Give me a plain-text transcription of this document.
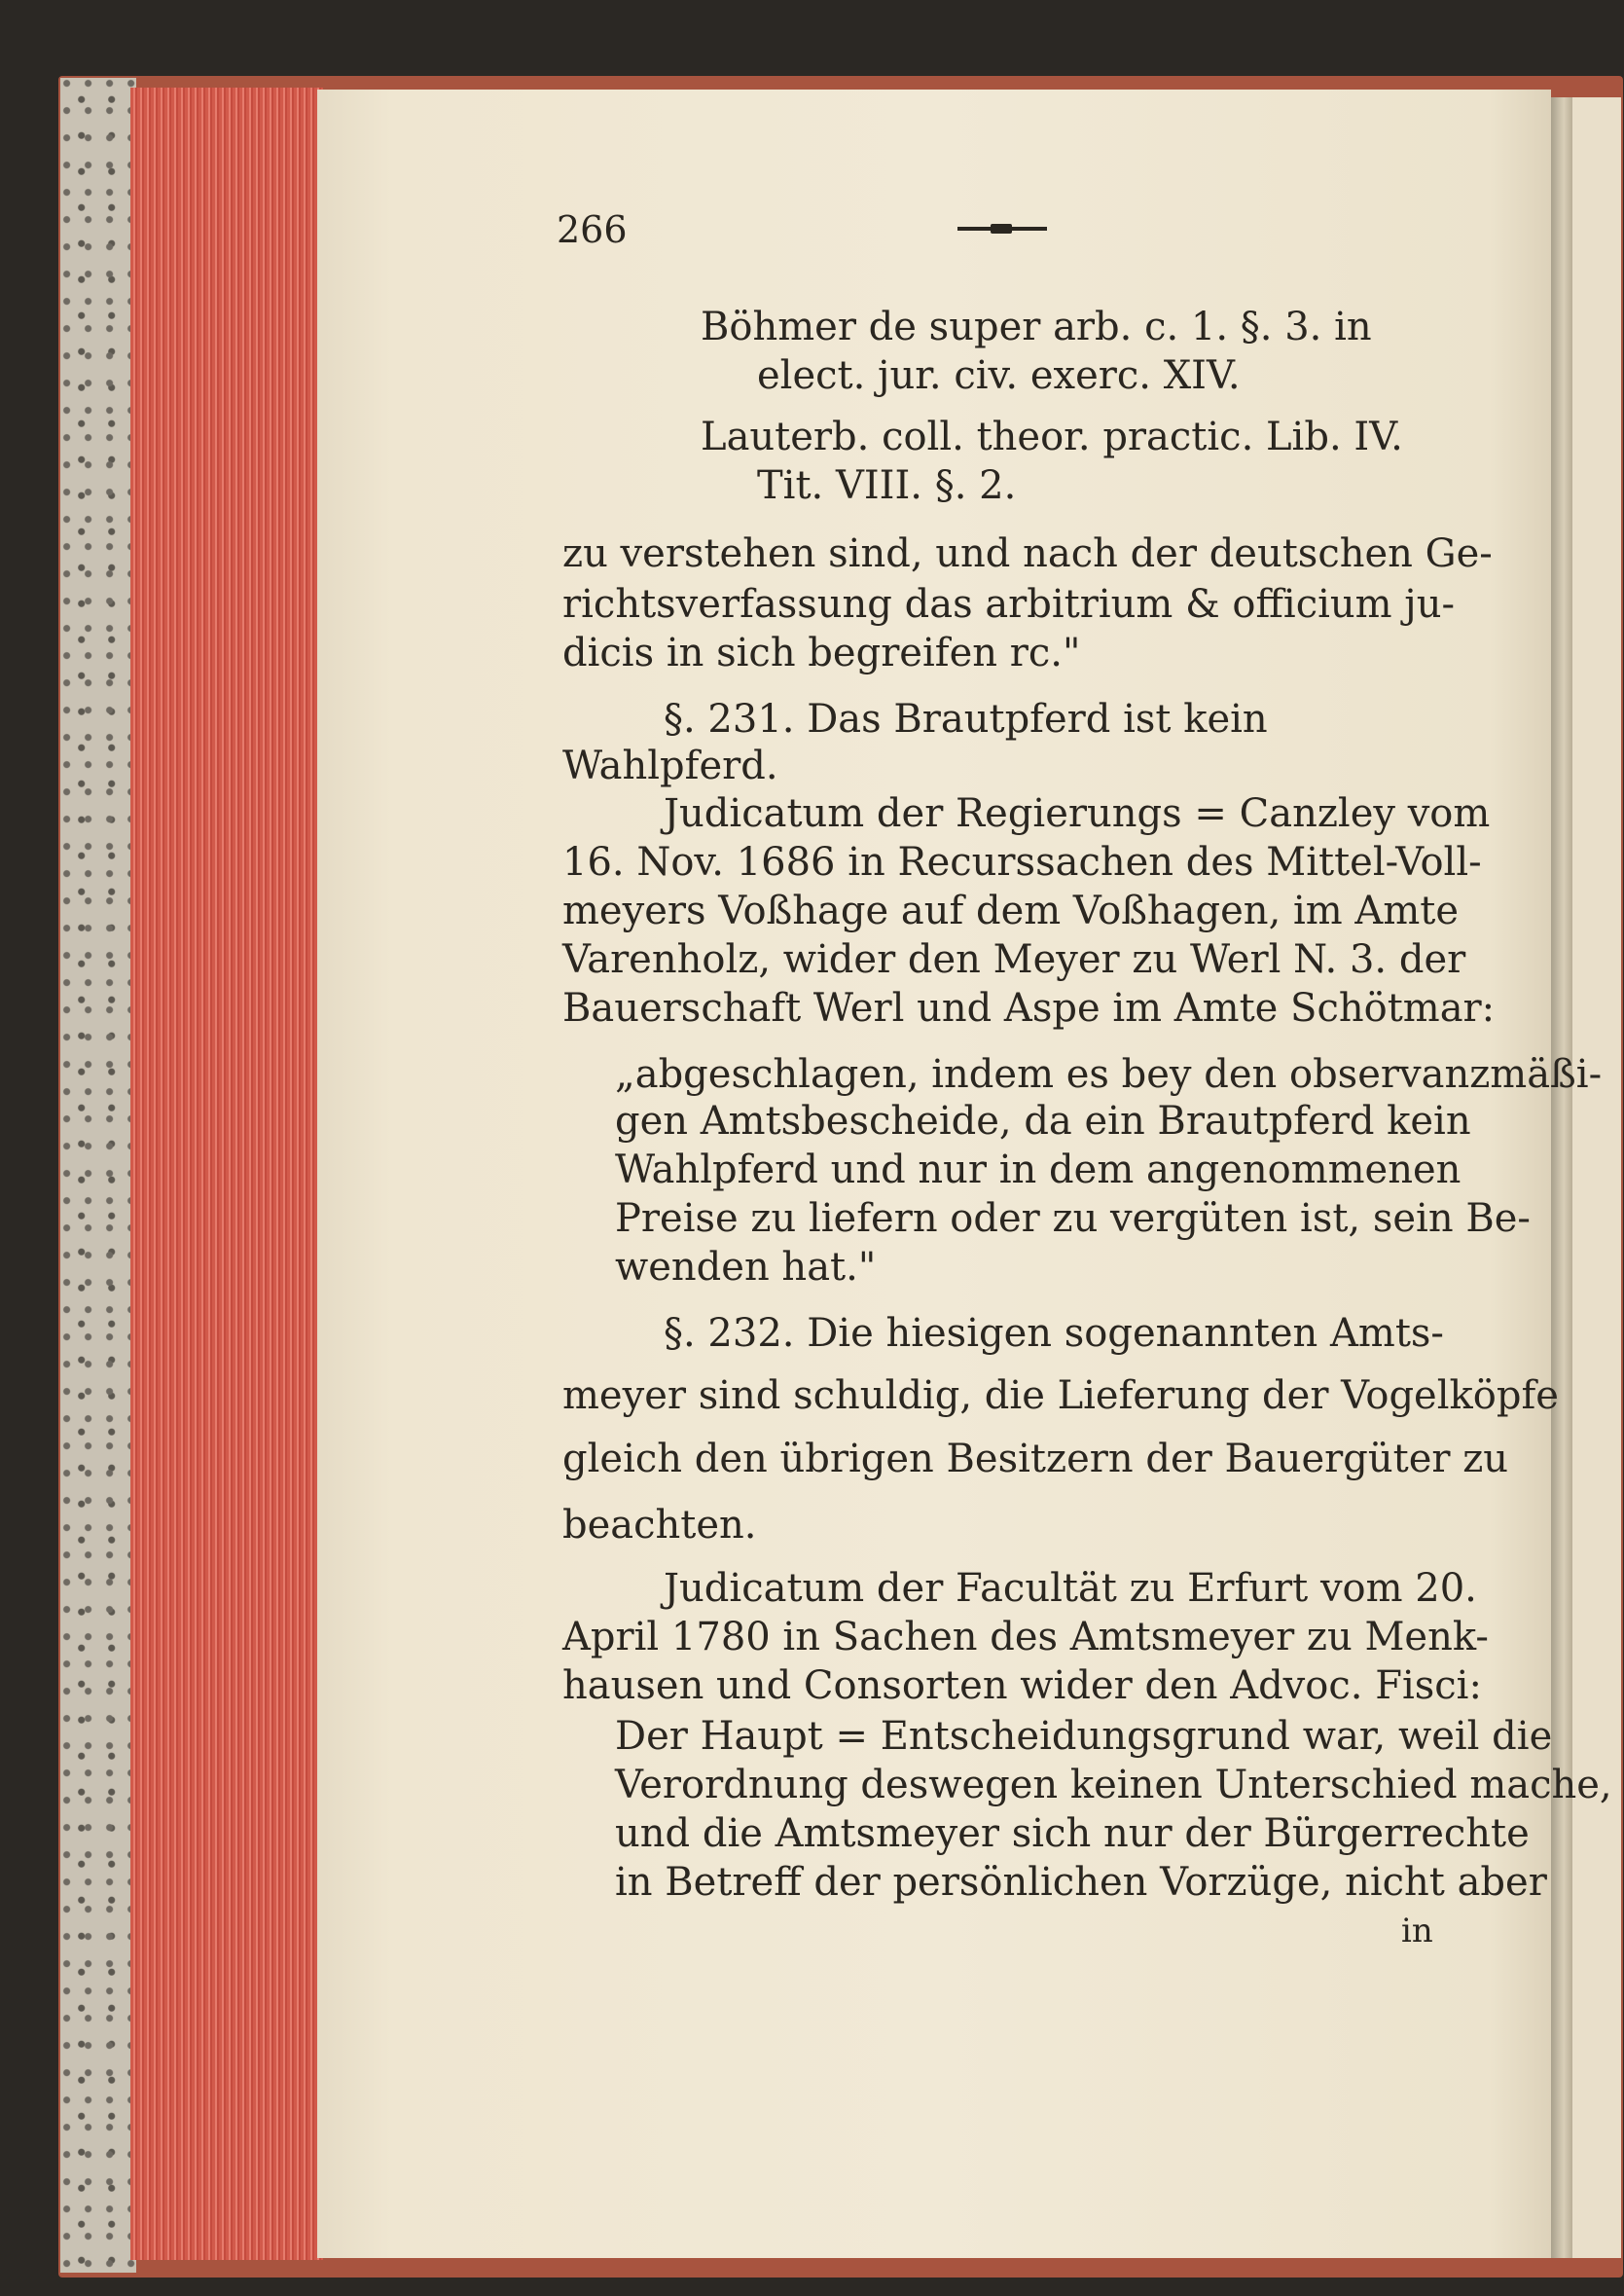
266

Böhmer de super arb. c. 1. §. 3. in

elect. jur. civ. exerc. XIV.

Lauterb. coll. theor. practic. Lib. IV.

Tit. VIII. §. 2.

zu verstehen sind, und nach der deutschen Ge-

richtsverfassung das arbitrium & officium ju-

dicis in sich begreifen rc."

§. 231. Das Brautpferd ist kein

Wahlpferd.

Judicatum der Regierungs = Canzley vom

16. Nov. 1686 in Recurssachen des Mittel-Voll-

meyers Voßhage auf dem Voßhagen, im Amte

Varenholz, wider den Meyer zu Werl N. 3. der

Bauerschaft Werl und Aspe im Amte Schötmar:

„abgeschlagen, indem es bey den observanzmäßi-

gen Amtsbescheide, da ein Brautpferd kein

Wahlpferd und nur in dem angenommenen

Preise zu liefern oder zu vergüten ist, sein Be-

wenden hat."

§. 232. Die hiesigen sogenannten Amts-

meyer sind schuldig, die Lieferung der Vogelköpfe

gleich den übrigen Besitzern der Bauergüter zu

beachten.

Judicatum der Facultät zu Erfurt vom 20.

April 1780 in Sachen des Amtsmeyer zu Menk-

hausen und Consorten wider den Advoc. Fisci:

Der Haupt = Entscheidungsgrund war, weil die

Verordnung deswegen keinen Unterschied mache,

und die Amtsmeyer sich nur der Bürgerrechte

in Betreff der persönlichen Vorzüge, nicht aber

in
